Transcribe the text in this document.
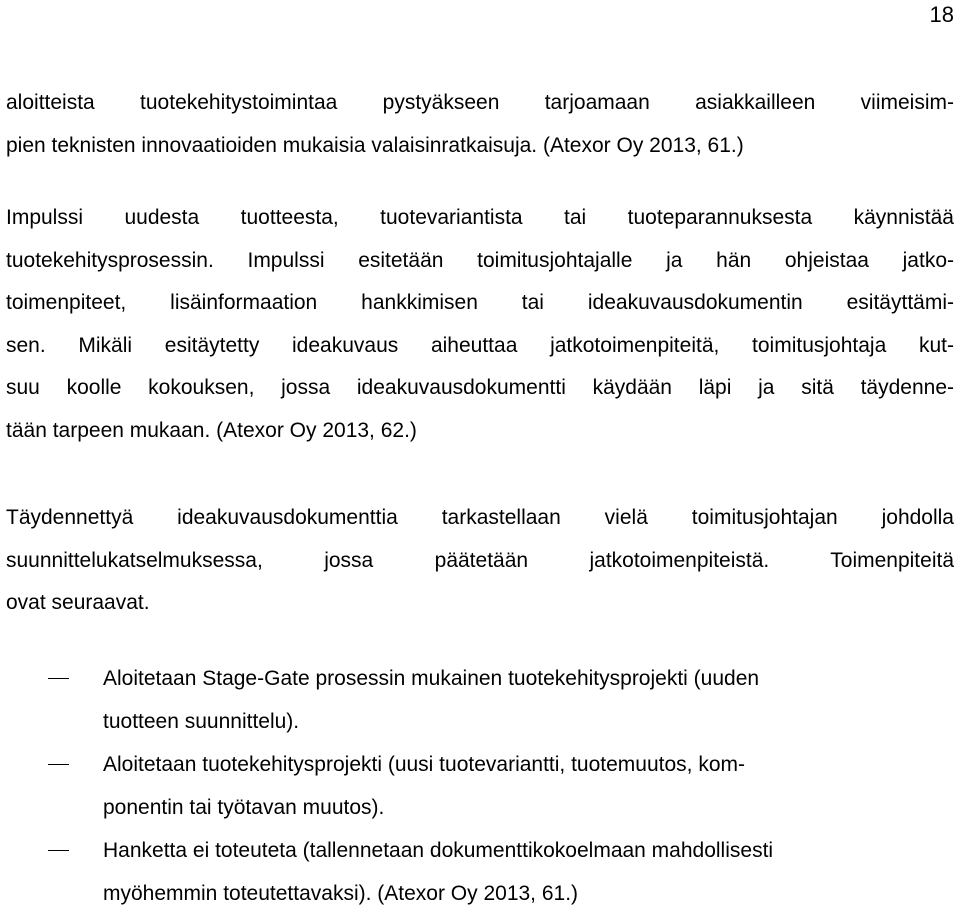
18
aloitteista tuotekehitystoimintaa pystyäkseen tarjoamaan asiakkailleen viimeisim-
pien teknisten innovaatioiden mukaisia valaisinratkaisuja. (Atexor Oy 2013, 61.)
Impulssi uudesta tuotteesta, tuotevariantista tai tuoteparannuksesta käynnistää
tuotekehitysprosessin. Impulssi esitetään toimitusjohtajalle ja hän ohjeistaa jatko-
toimenpiteet, lisäinformaation hankkimisen tai ideakuvausdokumentin esitäyttämi-
sen. Mikäli esitäytetty ideakuvaus aiheuttaa jatkotoimenpiteitä, toimitusjohtaja kut-
suu koolle kokouksen, jossa ideakuvausdokumentti käydään läpi ja sitä täydenne-
tään tarpeen mukaan. (Atexor Oy 2013, 62.)
Täydennettyä ideakuvausdokumenttia tarkastellaan vielä toimitusjohtajan johdolla
suunnittelukatselmuksessa, jossa päätetään jatkotoimenpiteistä. Toimenpiteitä
ovat seuraavat.
Aloitetaan Stage-Gate prosessin mukainen tuotekehitysprojekti (uuden
tuotteen suunnittelu).
Aloitetaan tuotekehitysprojekti (uusi tuotevariantti, tuotemuutos, kom-
ponentin tai työtavan muutos).
Hanketta ei toteuteta (tallennetaan dokumenttikokoelmaan mahdollisesti
myöhemmin toteutettavaksi). (Atexor Oy 2013, 61.)
